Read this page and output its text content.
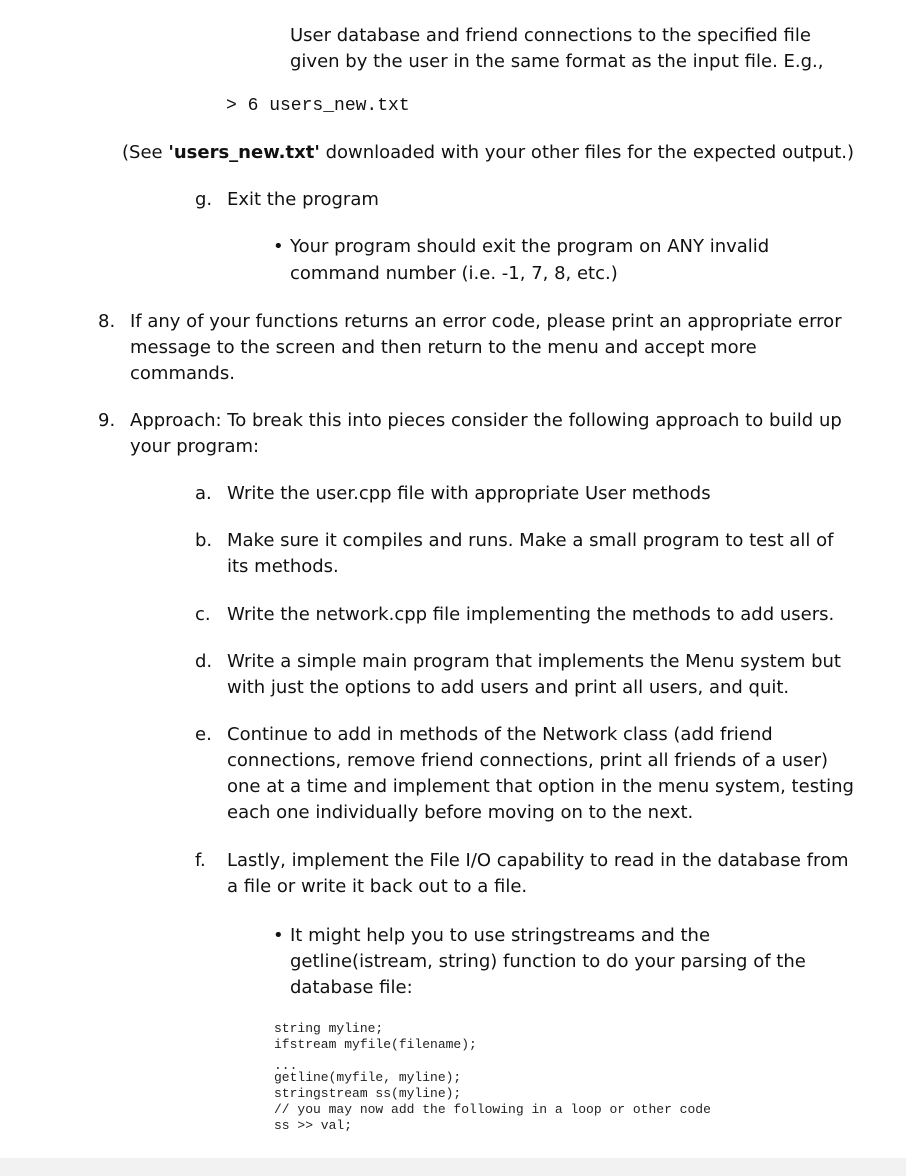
User database and friend connections to the specified file
given by the user in the same format as the input file. E.g.,
> 6 users_new.txt
(See 'users_new.txt' downloaded with your other files for the expected output.)
g. Exit the program
• Your program should exit the program on ANY invalid
command number (i.e. -1, 7, 8, etc.)
8. If any of your functions returns an error code, please print an appropriate error
message to the screen and then return to the menu and accept more
commands.
9. Approach: To break this into pieces consider the following approach to build up
your program:
a. Write the user.cpp file with appropriate User methods
b. Make sure it compiles and runs. Make a small program to test all of
its methods.
c. Write the network.cpp file implementing the methods to add users.
d. Write a simple main program that implements the Menu system but
with just the options to add users and print all users, and quit.
e. Continue to add in methods of the Network class (add friend
connections, remove friend connections, print all friends of a user)
one at a time and implement that option in the menu system, testing
each one individually before moving on to the next.
f. Lastly, implement the File I/O capability to read in the database from
a file or write it back out to a file.
• It might help you to use stringstreams and the
getline(istream, string) function to do your parsing of the
database file:
string myline;
ifstream myfile(filename);
...
getline(myfile, myline);
stringstream ss(myline);
// you may now add the following in a loop or other code
ss >> val;
